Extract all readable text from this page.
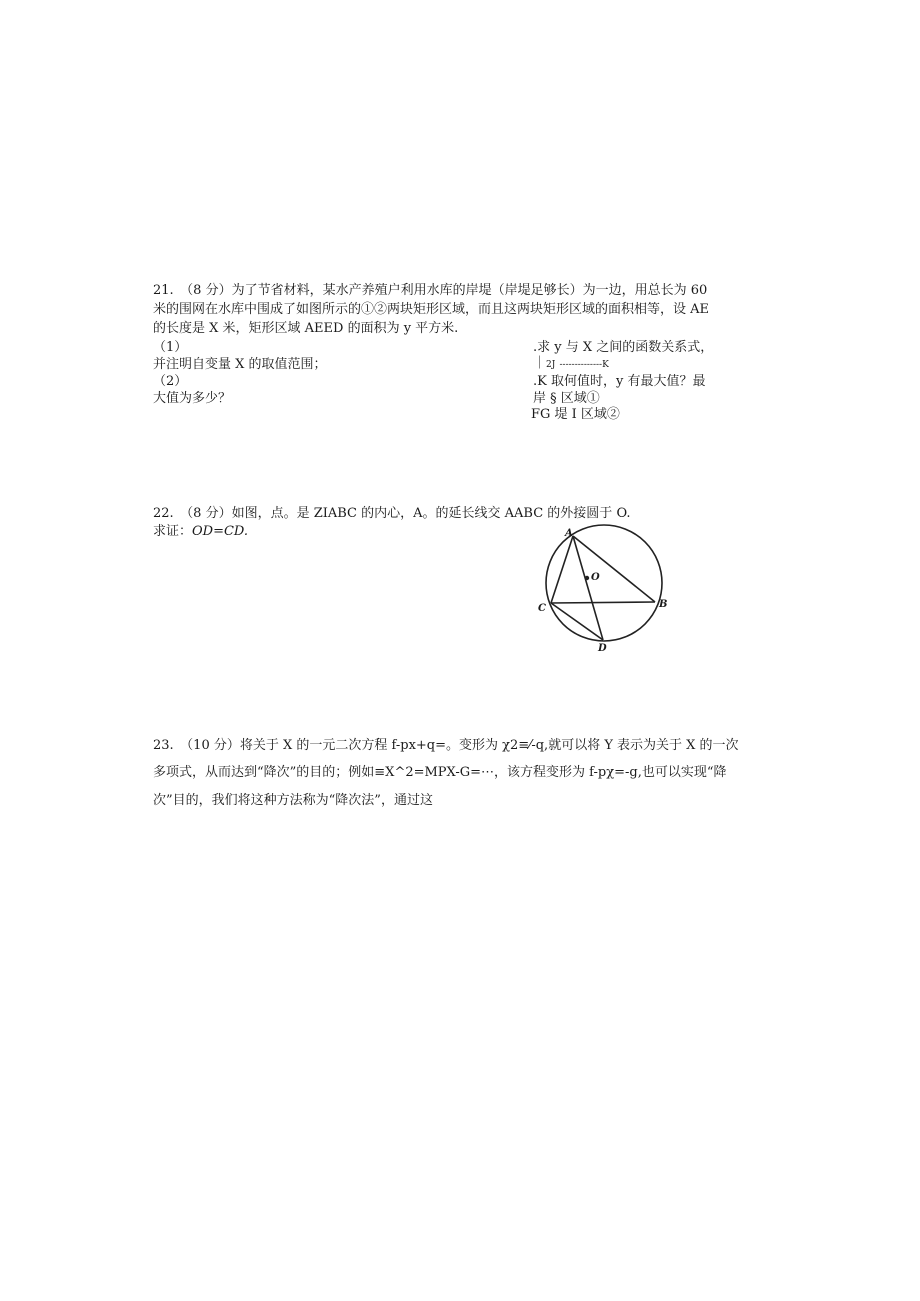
21.　（8 分）为了节省材料，某水产养殖户利用水库的岸堤（岸堤足够长）为一边，用总长为 60
米的围网在水库中围成了如图所示的①②两块矩形区域，而且这两块矩形区域的面积相等，设 AE
的长度是 X 米，矩形区域 AEED 的面积为 y 平方米.
（1）
并注明自变量 X 的取值范围；
（2）
大值为多少？
.求 y 与 X 之间的函数关系式，
｜2J --------------K
.K 取何值时，y 有最大值？最
岸 § 区域①
FG 堤 I 区域②
22.　（8 分）如图，点。是 ZIABC 的内心，A。的延长线交 AABC 的外接圆于 O.
求证：OD=CD.	A
O
C	B
D
23.　（10 分）将关于 X 的一元二次方程 f-px+q=。变形为 χ2≡⁄-q,就可以将 Y 表示为关于 X 的一次
多项式，从而达到“降次”的目的；例如≡X^2=MPX-G=⋯，该方程变形为 f-pχ=-g,也可以实现“降
次”目的，我们将这种方法称为“降次法”，通过这
